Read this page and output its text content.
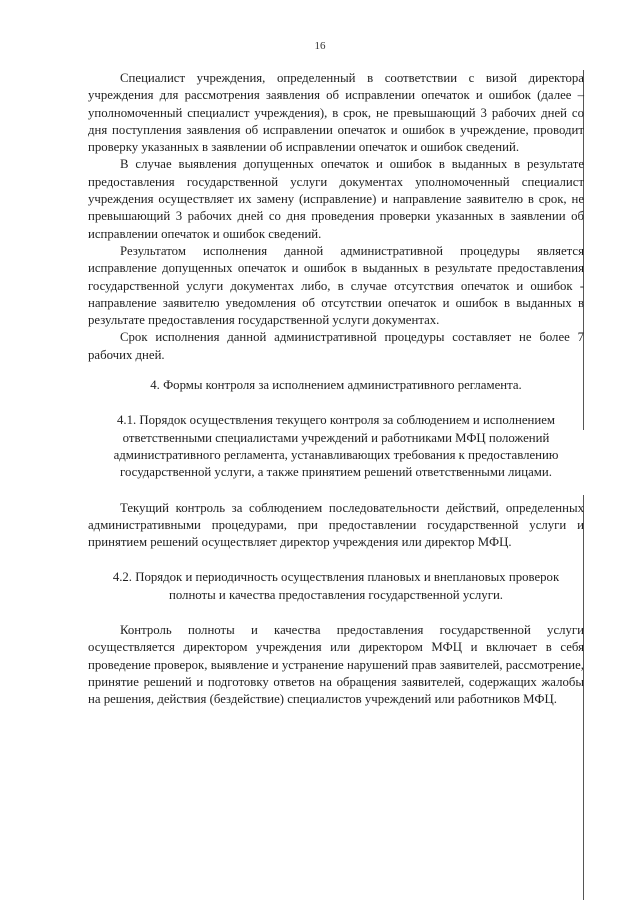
16

Специалист учреждения, определенный в соответствии с визой директора учреждения для рассмотрения заявления об исправлении опечаток и ошибок (далее – уполномоченный специалист учреждения), в срок, не превышающий 3 рабочих дней со дня поступления заявления об исправлении опечаток и ошибок в учреждение, проводит проверку указанных в заявлении об исправлении опечаток и ошибок сведений.

В случае выявления допущенных опечаток и ошибок в выданных в результате предоставления государственной услуги документах уполномоченный специалист учреждения осуществляет их замену (исправление) и направление заявителю в срок, не превышающий 3 рабочих дней со дня проведения проверки указанных в заявлении об исправлении опечаток и ошибок сведений.

Результатом исполнения данной административной процедуры является исправление допущенных опечаток и ошибок в выданных в результате предоставления государственной услуги документах либо, в случае отсутствия опечаток и ошибок - направление заявителю уведомления об отсутствии опечаток и ошибок в выданных в результате предоставления государственной услуги документах.

Срок исполнения данной административной процедуры составляет не более 7 рабочих дней.

4. Формы контроля за исполнением административного регламента.
4.1. Порядок осуществления текущего контроля за соблюдением и исполнением ответственными специалистами учреждений и работниками МФЦ положений административного регламента, устанавливающих требования к предоставлению государственной услуги, а также принятием решений ответственными лицами.

Текущий контроль за соблюдением последовательности действий, определенных административными процедурами, при предоставлении государственной услуги и принятием решений осуществляет директор учреждения или директор МФЦ.

4.2. Порядок и периодичность осуществления плановых и внеплановых проверок полноты и качества предоставления государственной услуги.

Контроль полноты и качества предоставления государственной услуги осуществляется директором учреждения или директором МФЦ и включает в себя проведение проверок, выявление и устранение нарушений прав заявителей, рассмотрение, принятие решений и подготовку ответов на обращения заявителей, содержащих жалобы на решения, действия (бездействие) специалистов учреждений или работников МФЦ.
